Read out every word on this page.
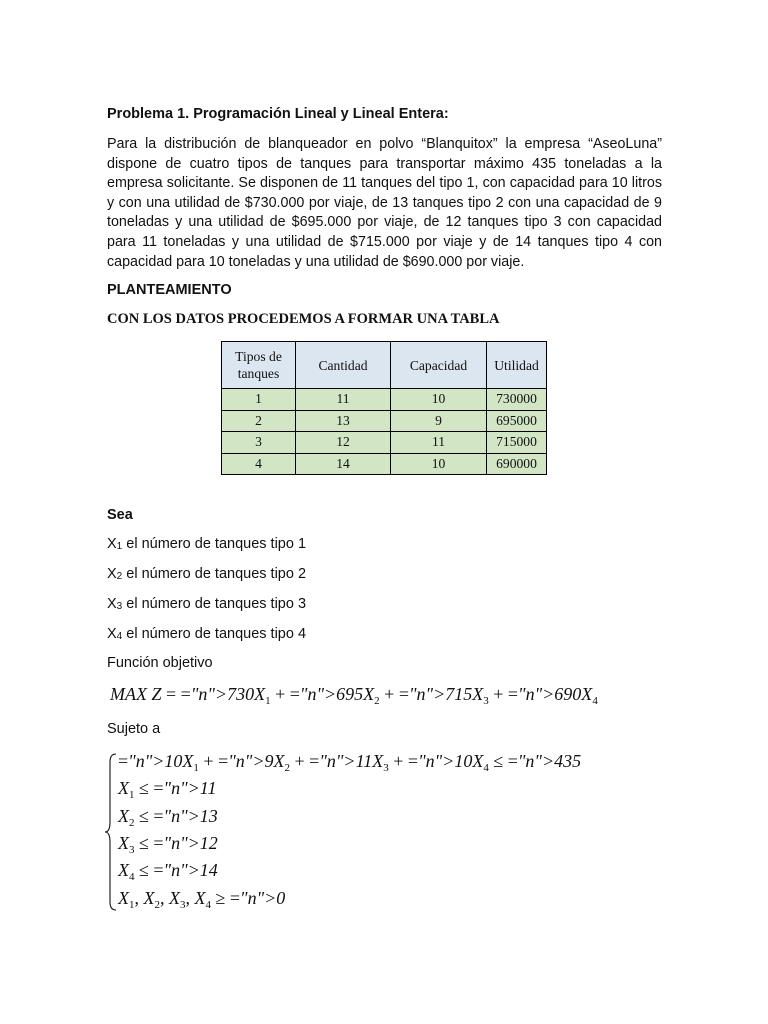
Problema 1. Programación Lineal y Lineal Entera:

Para la distribución de blanqueador en polvo “Blanquitox” la empresa “AseoLuna” dispone de cuatro tipos de tanques para transportar máximo 435 toneladas a la empresa solicitante. Se disponen de 11 tanques del tipo 1, con capacidad para 10 litros y con una utilidad de $730.000 por viaje, de 13 tanques tipo 2 con una capacidad de 9 toneladas y una utilidad de $695.000 por viaje, de 12 tanques tipo 3 con capacidad para 11 toneladas y una utilidad de $715.000 por viaje y de 14 tanques tipo 4 con capacidad para 10 toneladas y una utilidad de $690.000 por viaje.

PLANTEAMIENTO
CON LOS DATOS PROCEDEMOS A FORMAR UNA TABLA
Tipos de tanques	Cantidad	Capacidad	Utilidad
1	11	10	730000
2	13	9	695000
3	12	11	715000
4	14	10	690000
Sea
$X_1$ el número de tanques tipo 1
$X_2$ el número de tanques tipo 2
$X_3$ el número de tanques tipo 3
$X_4$ el número de tanques tipo 4
Función objetivo
MAX $Z = ="n">730X_1$ + $="n">695X_2$ + $="n">715X_3$ + $="n">690X_4$
Sujeto a
$="n">10X_1$ + $="n">9X_2$ + $="n">11X_3$ + $="n">10X_4$ ≤ ="n">435
$X_1$ ≤ ="n">11
$X_2$ ≤ ="n">13
$X_3$ ≤ ="n">12
$X_4$ ≤ ="n">14
$X_1$, $X_2$, $X_3$, $X_4$ ≥ ="n">0
